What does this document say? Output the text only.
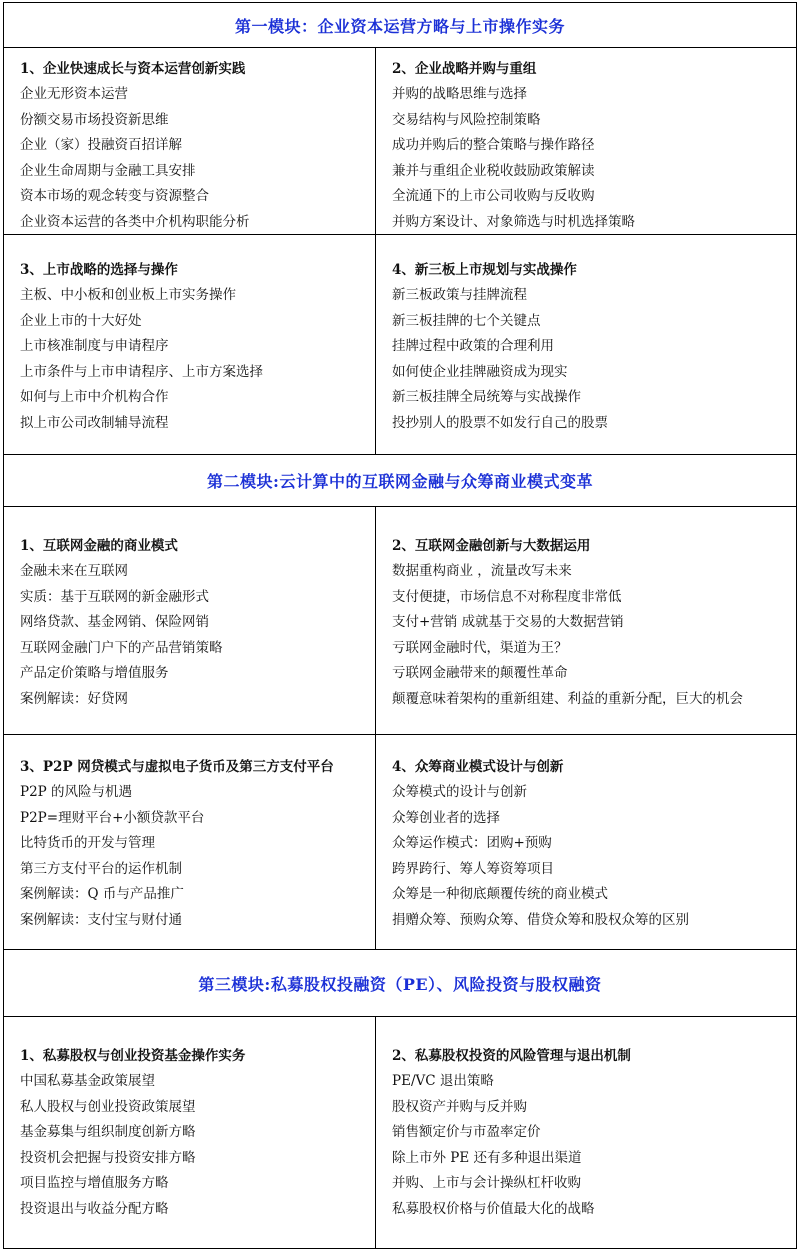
第一模块：企业资本运营方略与上市操作实务
1、企业快速成长与资本运营创新实践
企业无形资本运营
份额交易市场投资新思维
企业（家）投融资百招详解
企业生命周期与金融工具安排
资本市场的观念转变与资源整合
企业资本运营的各类中介机构职能分析
2、企业战略并购与重组
并购的战略思维与选择
交易结构与风险控制策略
成功并购后的整合策略与操作路径
兼并与重组企业税收鼓励政策解读
全流通下的上市公司收购与反收购
并购方案设计、对象筛选与时机选择策略
3、上市战略的选择与操作
主板、中小板和创业板上市实务操作
企业上市的十大好处
上市核准制度与申请程序
上市条件与上市申请程序、上市方案选择
如何与上市中介机构合作
拟上市公司改制辅导流程
4、新三板上市规划与实战操作
新三板政策与挂牌流程
新三板挂牌的七个关键点
挂牌过程中政策的合理利用
如何使企业挂牌融资成为现实
新三板挂牌全局统筹与实战操作
投抄别人的股票不如发行自己的股票
第二模块:云计算中的互联网金融与众筹商业模式变革
1、互联网金融的商业模式
金融未来在互联网
实质：基于互联网的新金融形式
网络贷款、基金网销、保险网销
互联网金融门户下的产品营销策略
产品定价策略与增值服务
案例解读：好贷网
2、互联网金融创新与大数据运用
数据重构商业 ，流量改写未来
支付便捷，市场信息不对称程度非常低
支付+营销 成就基于交易的大数据营销
亏联网金融时代，渠道为王？
亏联网金融带来的颠覆性革命
颠覆意味着架构的重新组建、利益的重新分配，巨大的机会
3、P2P 网贷模式与虚拟电子货币及第三方支付平台
P2P 的风险与机遇
P2P=理财平台+小额贷款平台
比特货币的开发与管理
第三方支付平台的运作机制
案例解读：Q 币与产品推广
案例解读：支付宝与财付通
4、众筹商业模式设计与创新
众筹模式的设计与创新
众筹创业者的选择
众筹运作模式：团购+预购
跨界跨行、筹人筹资筹项目
众筹是一种彻底颠覆传统的商业模式
捐赠众筹、预购众筹、借贷众筹和股权众筹的区别
第三模块:私募股权投融资（PE）、风险投资与股权融资
1、私募股权与创业投资基金操作实务
中国私募基金政策展望
私人股权与创业投资政策展望
基金募集与组织制度创新方略
投资机会把握与投资安排方略
项目监控与增值服务方略
投资退出与收益分配方略
2、私募股权投资的风险管理与退出机制
PE/VC 退出策略
股权资产并购与反并购
销售额定价与市盈率定价
除上市外 PE 还有多种退出渠道
并购、上市与会计操纵杠杆收购
私募股权价格与价值最大化的战略
